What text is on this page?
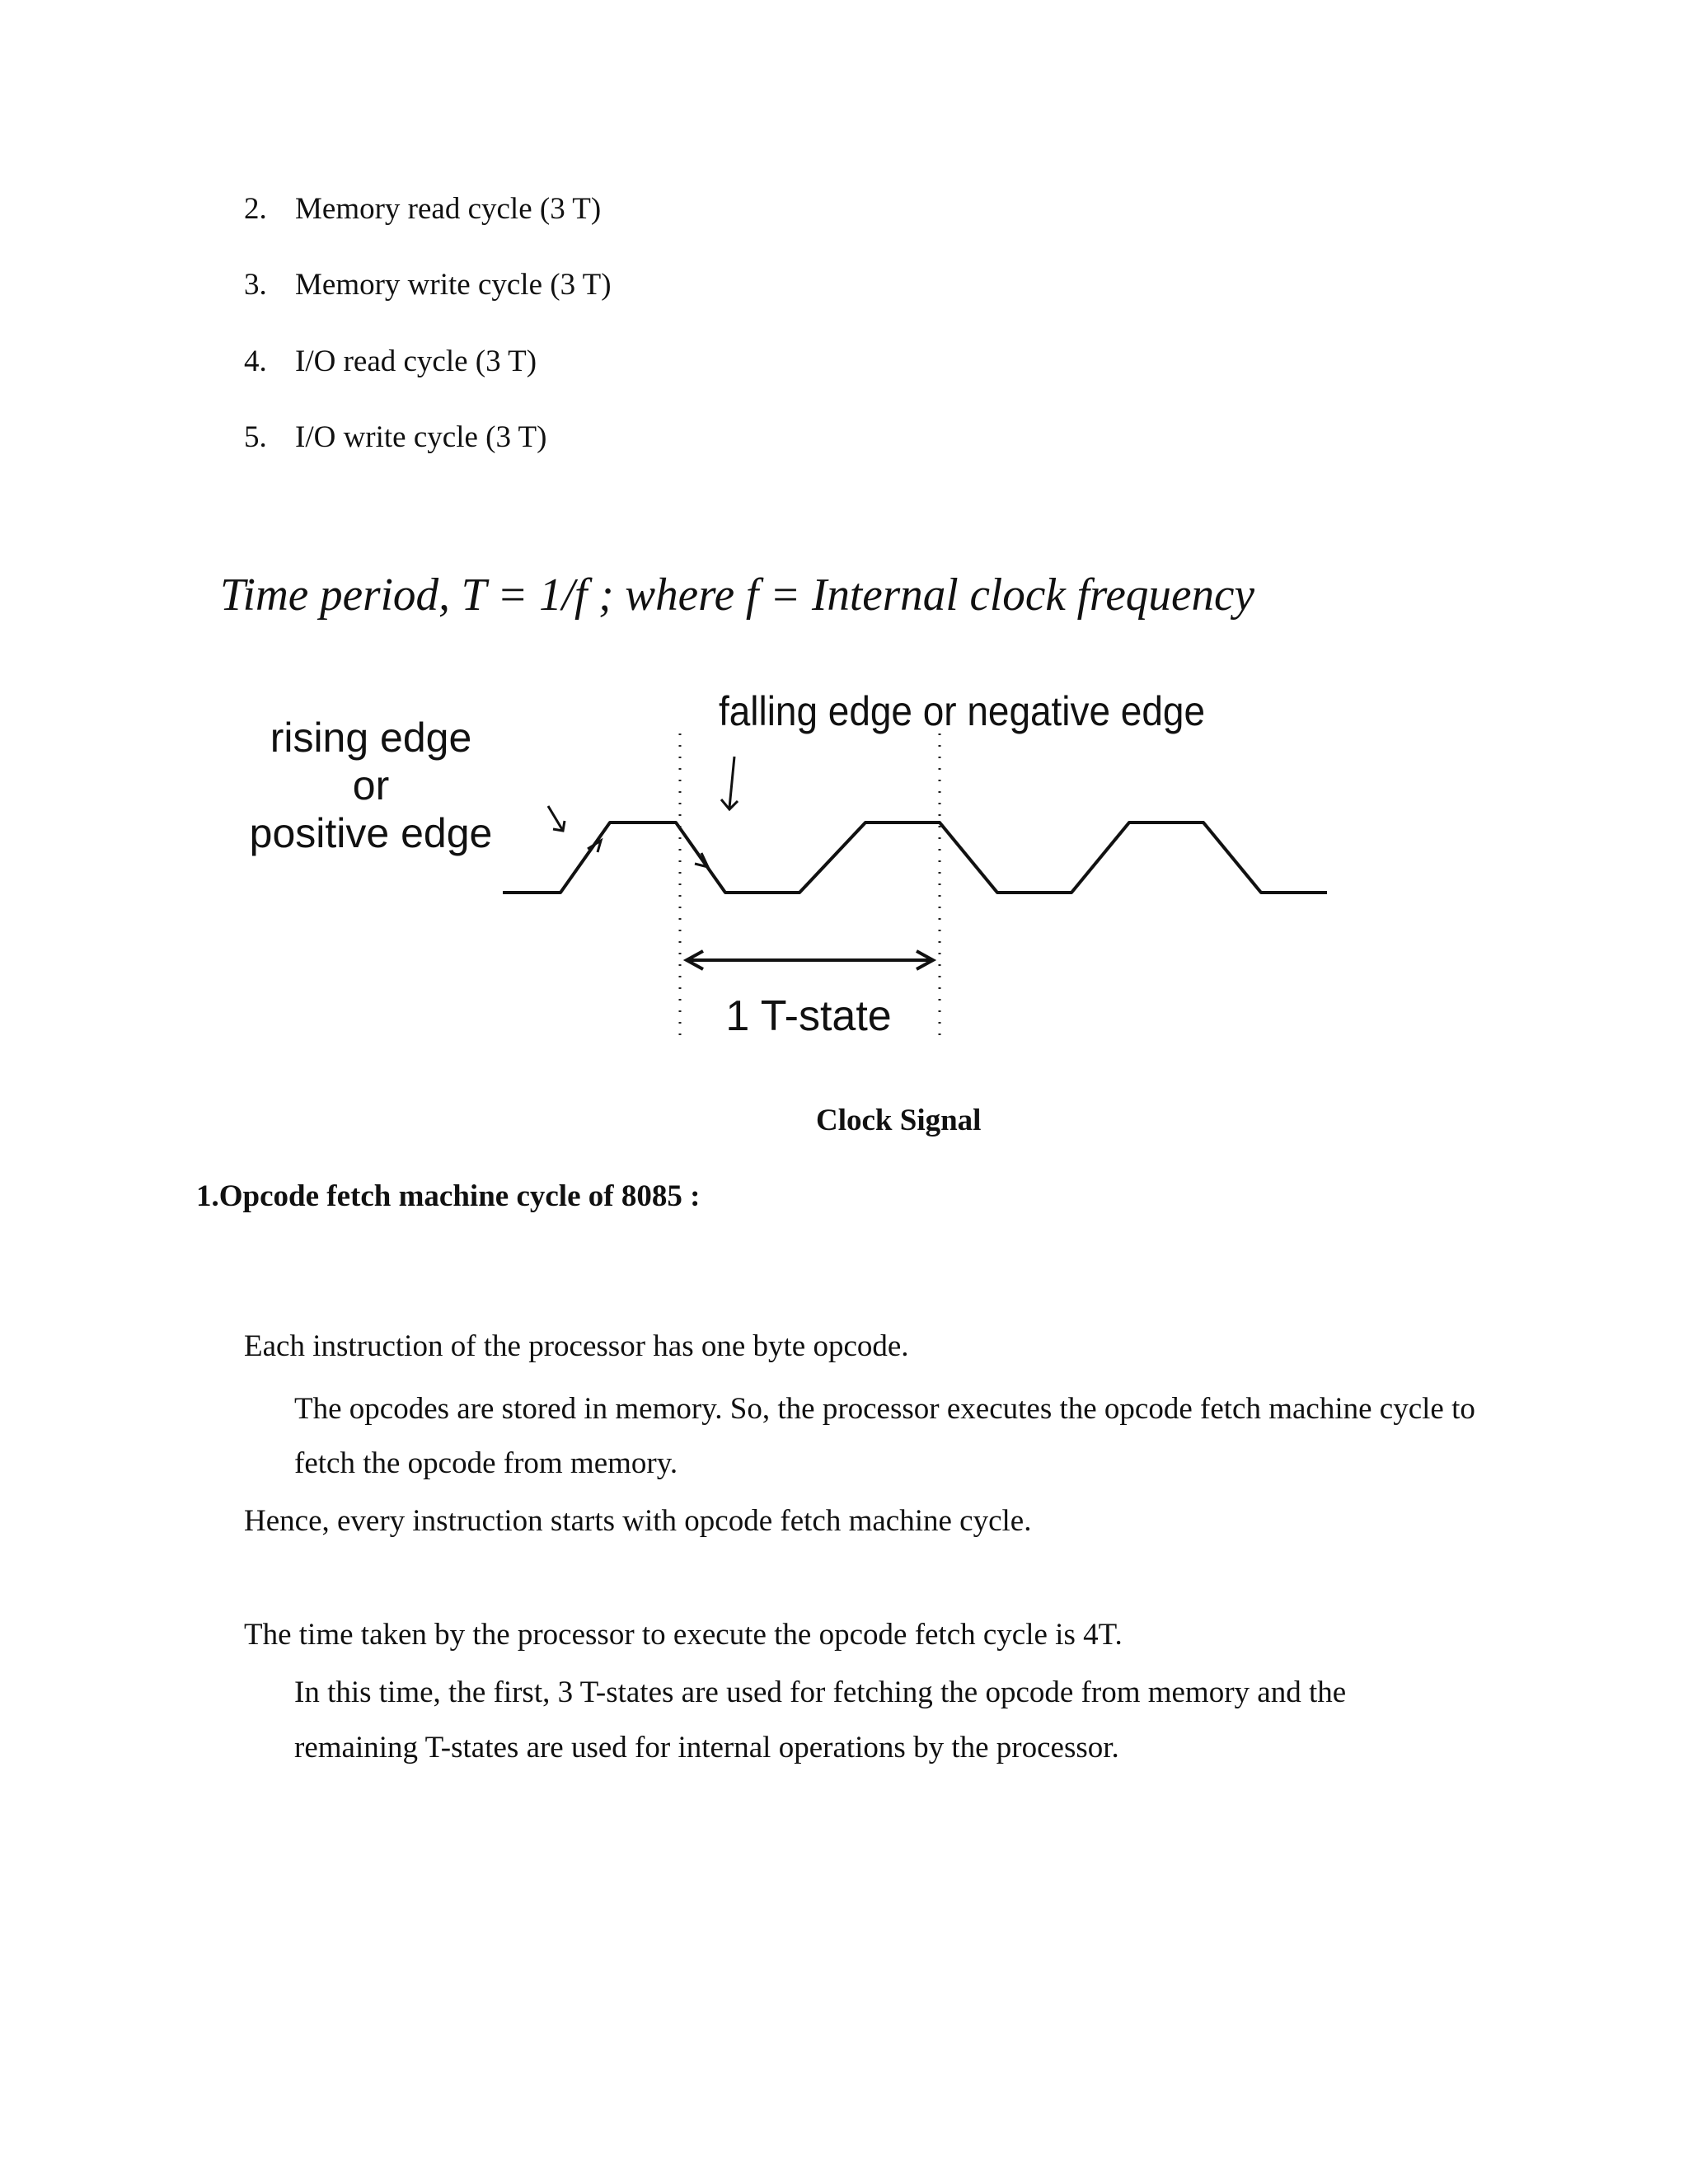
2. Memory read cycle (3 T)
3. Memory write cycle (3 T)
4. I/O read cycle (3 T)
5. I/O write cycle (3 T)
Time period, T = 1/f ; where f = Internal clock frequency
rising edge
or
positive edge
falling edge or negative edge
1 T-state
Clock Signal
1.Opcode fetch machine cycle of 8085 :
Each instruction of the processor has one byte opcode.
The opcodes are stored in memory. So, the processor executes the opcode fetch machine cycle to
fetch the opcode from memory.
Hence, every instruction starts with opcode fetch machine cycle.
The time taken by the processor to execute the opcode fetch cycle is 4T.
In this time, the first, 3 T-states are used for fetching the opcode from memory and the
remaining T-states are used for internal operations by the processor.
